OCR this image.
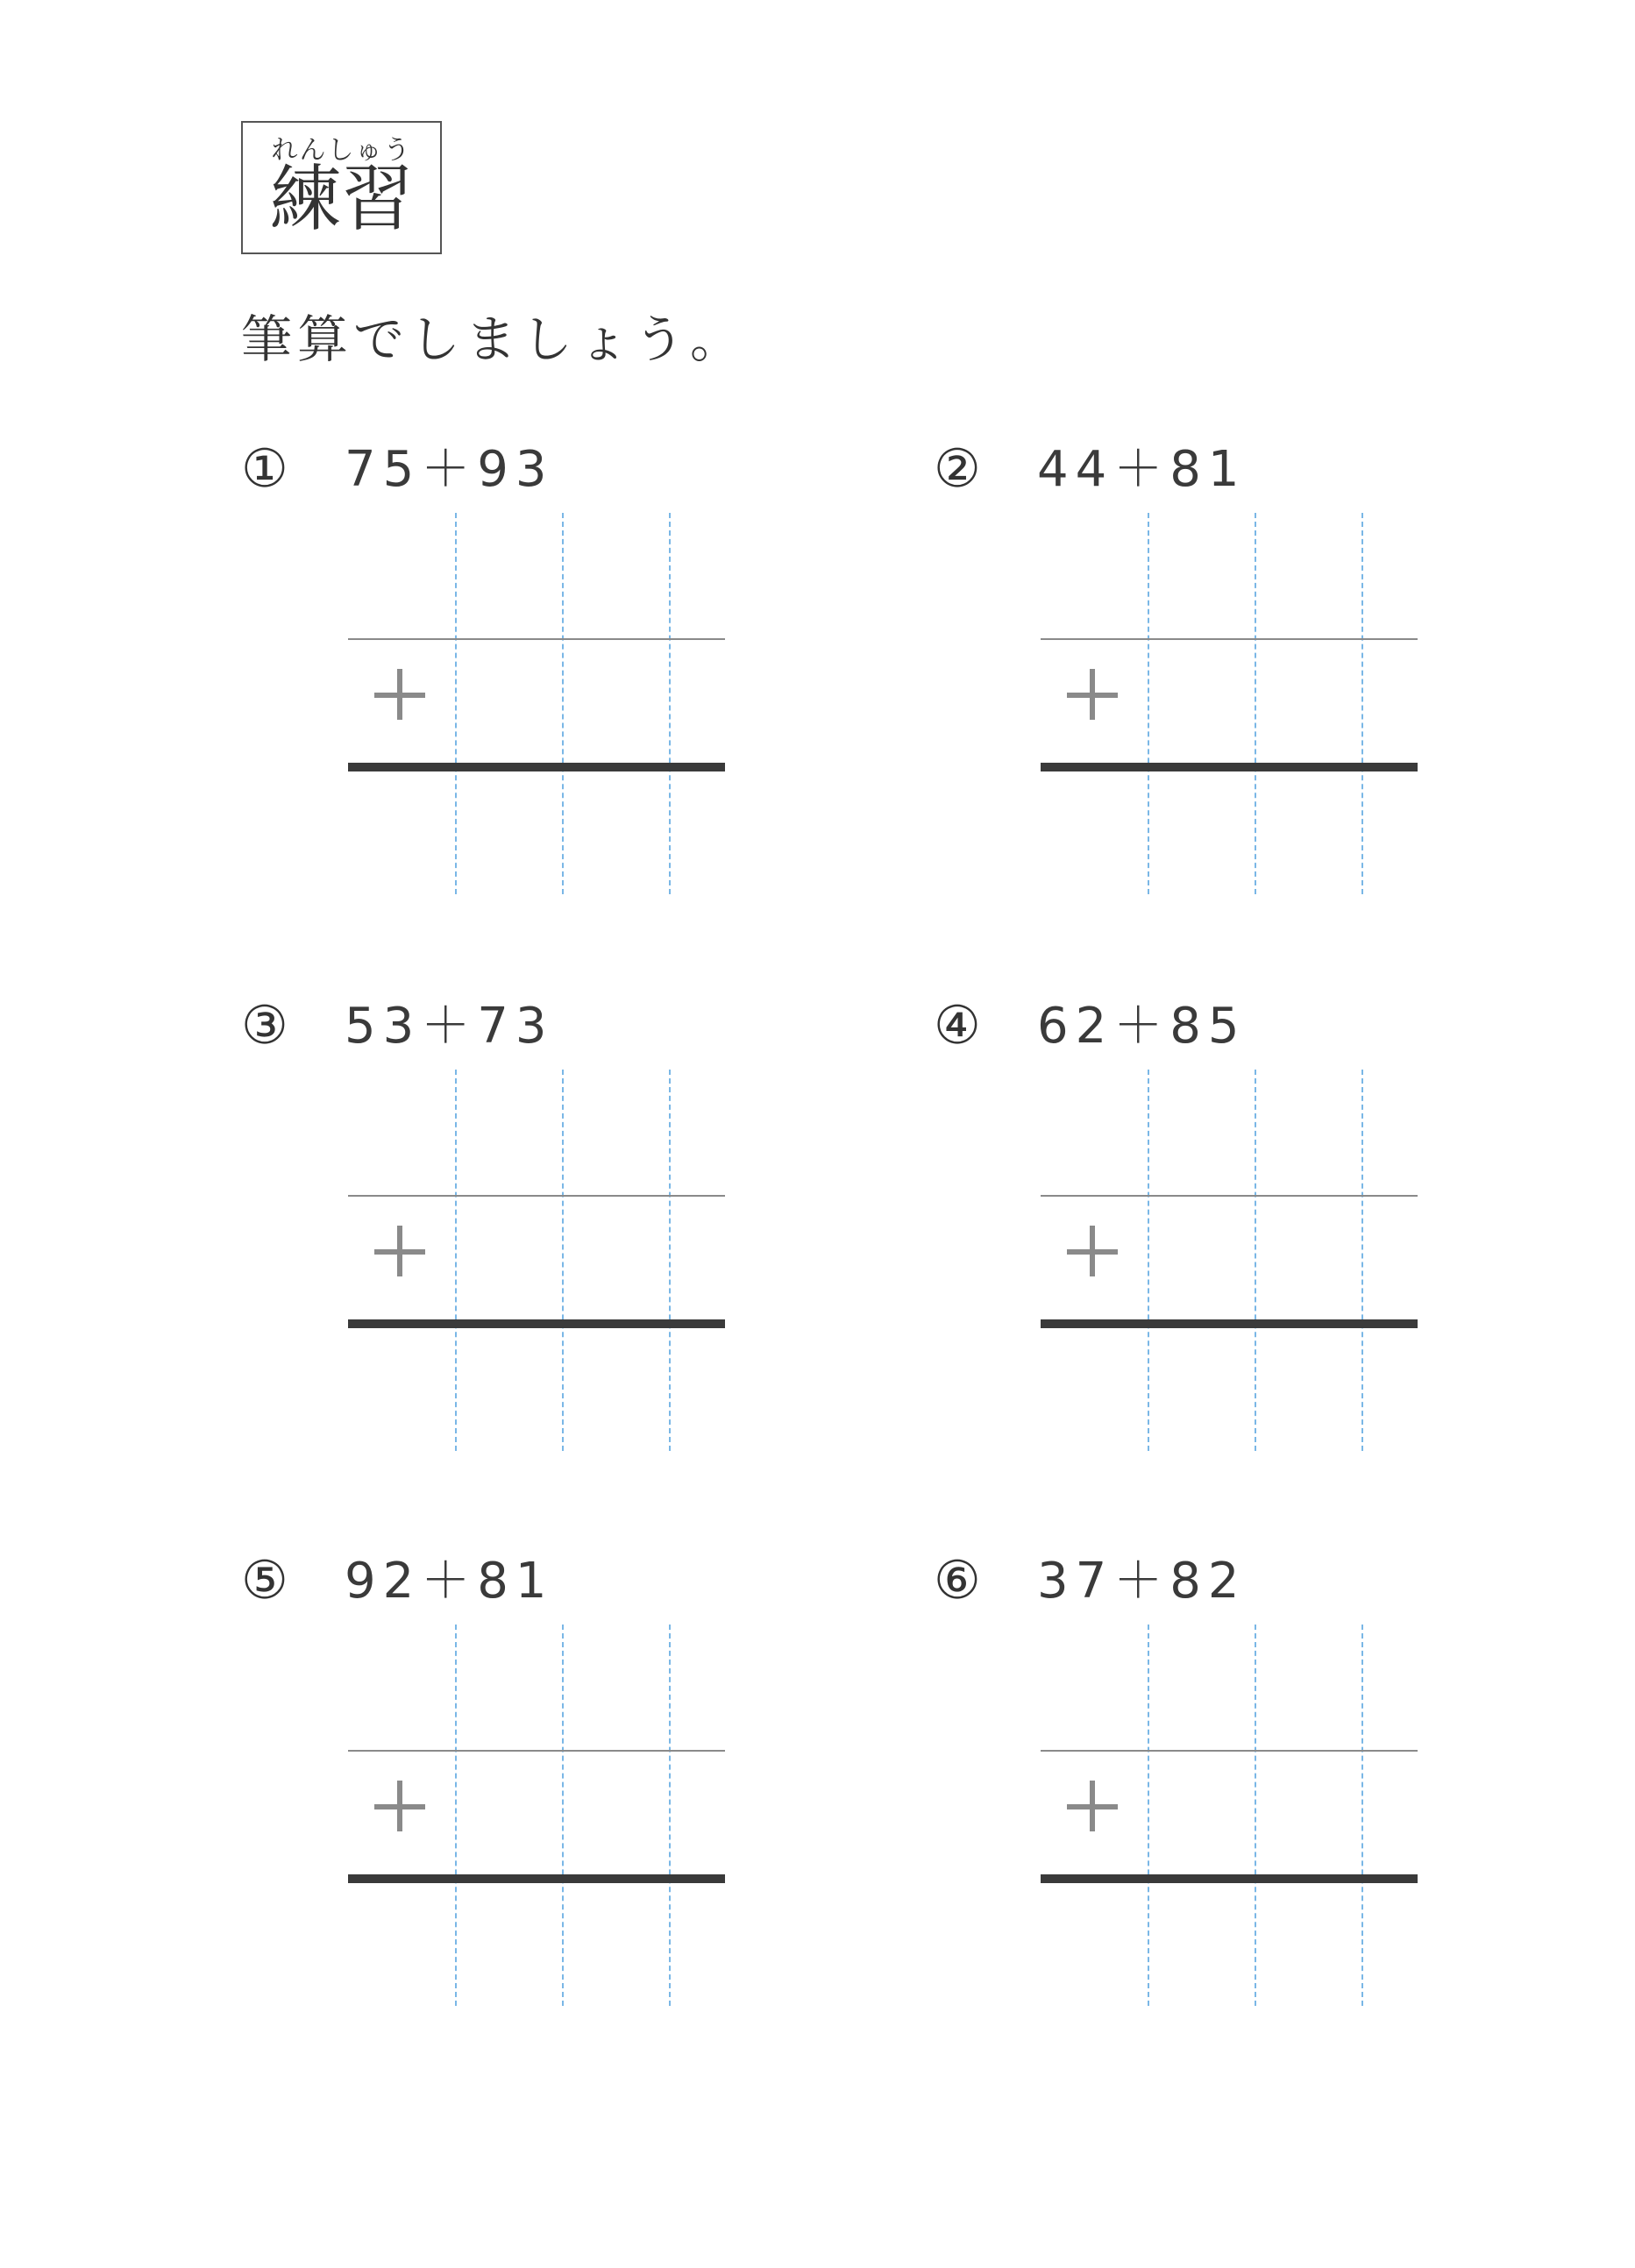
れんしゅう
練習
筆算でしましょう。
① 75＋93	② 44＋81
③ 53＋73	④ 62＋85
⑤ 92＋81	⑥ 37＋82
